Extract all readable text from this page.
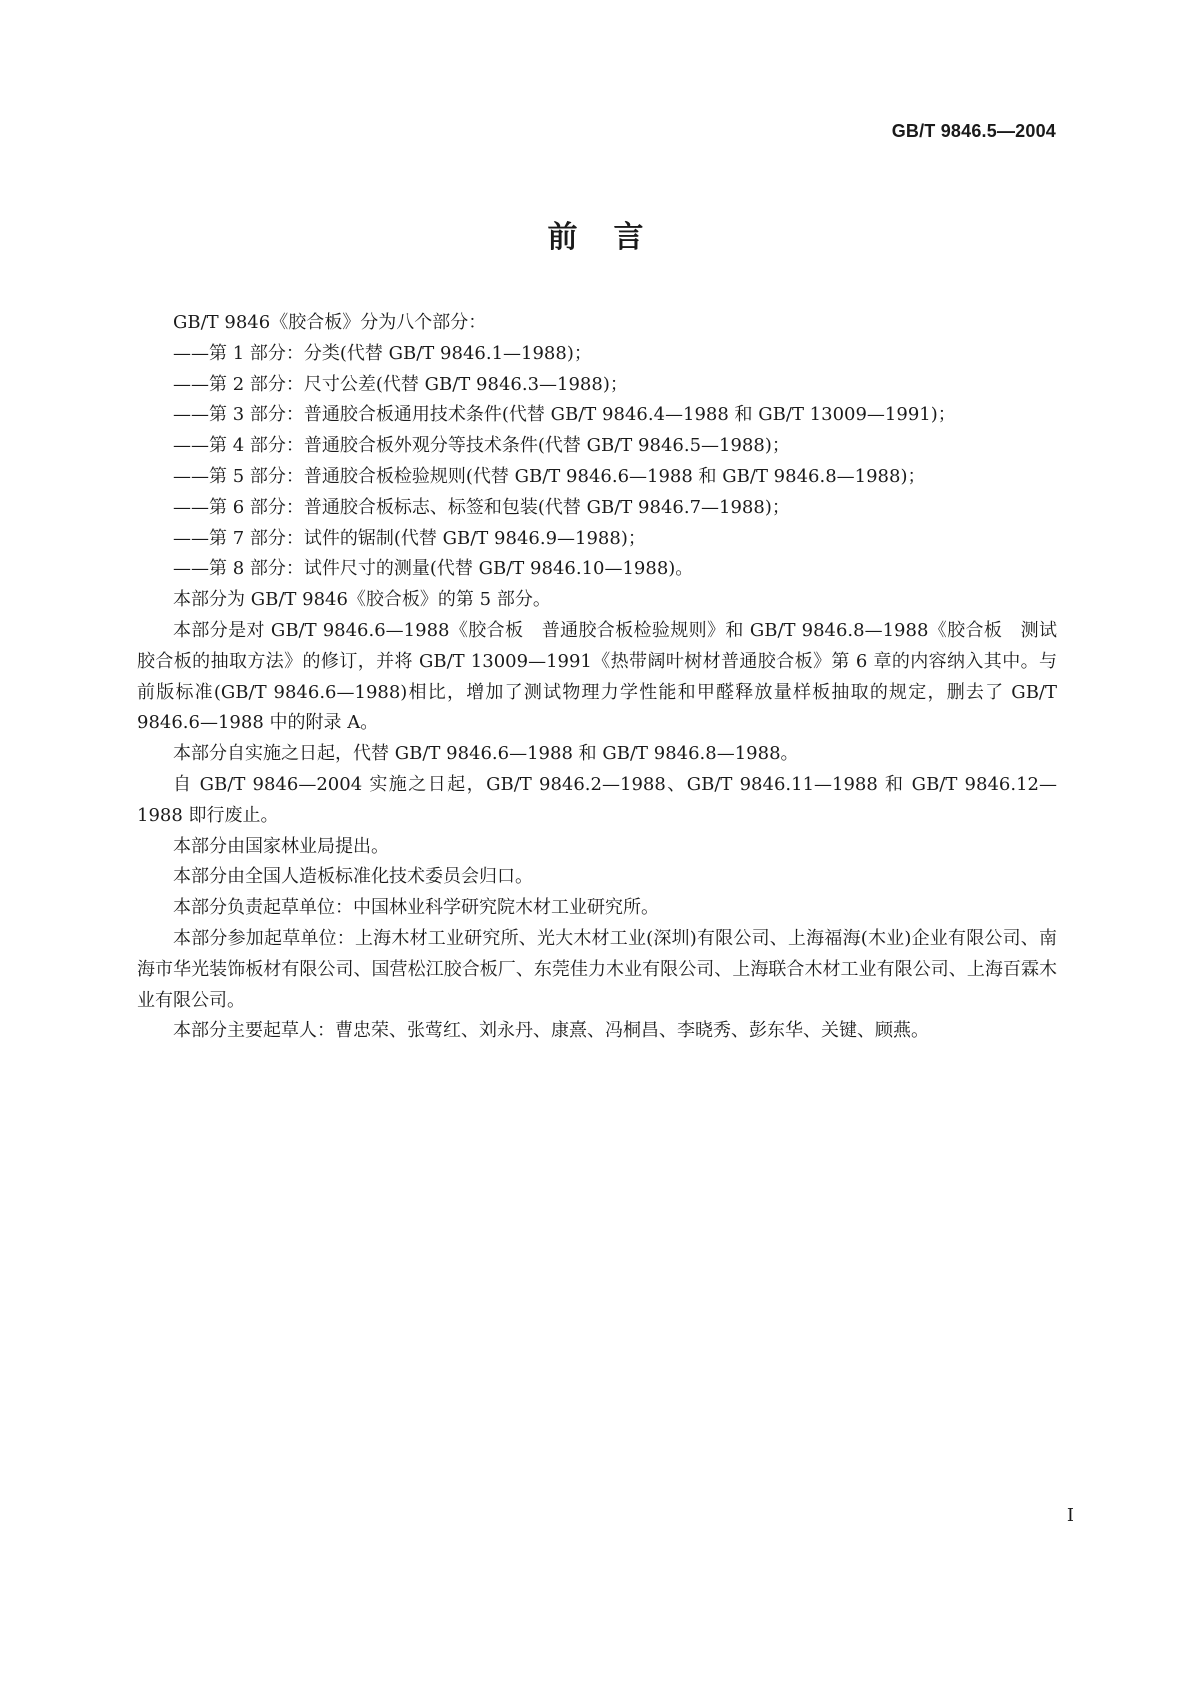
GB/T 9846.5—2004
前言

GB/T 9846《胶合板》分为八个部分：

——第 1 部分：分类(代替 GB/T 9846.1—1988)；

——第 2 部分：尺寸公差(代替 GB/T 9846.3—1988)；

——第 3 部分：普通胶合板通用技术条件(代替 GB/T 9846.4—1988 和 GB/T 13009—1991)；

——第 4 部分：普通胶合板外观分等技术条件(代替 GB/T 9846.5—1988)；

——第 5 部分：普通胶合板检验规则(代替 GB/T 9846.6—1988 和 GB/T 9846.8—1988)；

——第 6 部分：普通胶合板标志、标签和包装(代替 GB/T 9846.7—1988)；

——第 7 部分：试件的锯制(代替 GB/T 9846.9—1988)；

——第 8 部分：试件尺寸的测量(代替 GB/T 9846.10—1988)。

本部分为 GB/T 9846《胶合板》的第 5 部分。

本部分是对 GB/T 9846.6—1988《胶合板　普通胶合板检验规则》和 GB/T 9846.8—1988《胶合板　测试胶合板的抽取方法》的修订，并将 GB/T 13009—1991《热带阔叶树材普通胶合板》第 6 章的内容纳入其中。与前版标准(GB/T 9846.6—1988)相比，增加了测试物理力学性能和甲醛释放量样板抽取的规定，删去了 GB/T 9846.6—1988 中的附录 A。

本部分自实施之日起，代替 GB/T 9846.6—1988 和 GB/T 9846.8—1988。

自 GB/T 9846—2004 实施之日起，GB/T 9846.2—1988、GB/T 9846.11—1988 和 GB/T 9846.12—1988 即行废止。

本部分由国家林业局提出。

本部分由全国人造板标准化技术委员会归口。

本部分负责起草单位：中国林业科学研究院木材工业研究所。

本部分参加起草单位：上海木材工业研究所、光大木材工业(深圳)有限公司、上海福海(木业)企业有限公司、南海市华光装饰板材有限公司、国营松江胶合板厂、东莞佳力木业有限公司、上海联合木材工业有限公司、上海百霖木业有限公司。

本部分主要起草人：曹忠荣、张莺红、刘永丹、康熹、冯桐昌、李晓秀、彭东华、关键、顾燕。

I
